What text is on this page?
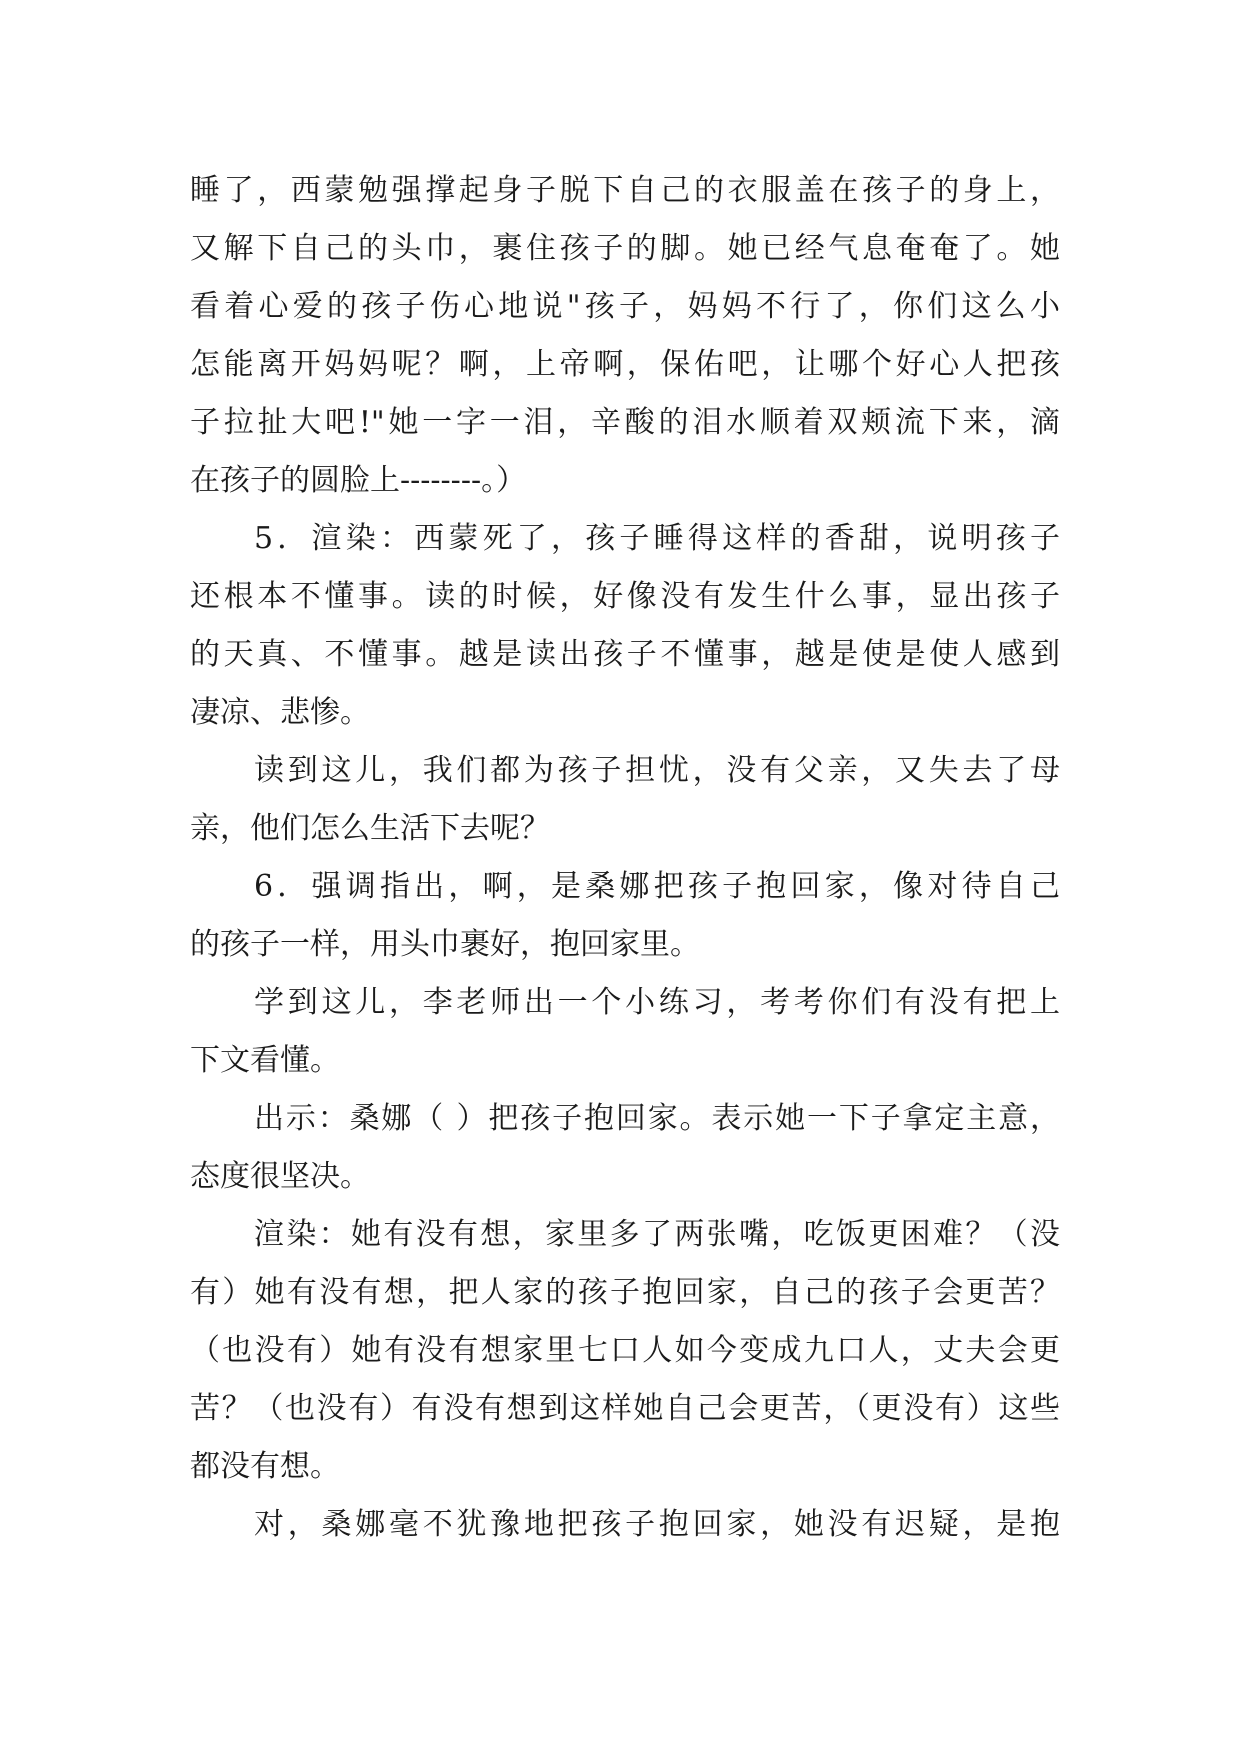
睡了，西蒙勉强撑起身子脱下自己的衣服盖在孩子的身上，
又解下自己的头巾，裹住孩子的脚。她已经气息奄奄了。她
看着心爱的孩子伤心地说"孩子，妈妈不行了，你们这么小
怎能离开妈妈呢？啊，上帝啊，保佑吧，让哪个好心人把孩
子拉扯大吧!"她一字一泪，辛酸的泪水顺着双颊流下来，滴
在孩子的圆脸上--------。）
5．渲染：西蒙死了，孩子睡得这样的香甜，说明孩子
还根本不懂事。读的时候，好像没有发生什么事，显出孩子
的天真、不懂事。越是读出孩子不懂事，越是使是使人感到
凄凉、悲惨。
读到这儿，我们都为孩子担忧，没有父亲，又失去了母
亲，他们怎么生活下去呢？
6．强调指出，啊，是桑娜把孩子抱回家，像对待自己
的孩子一样，用头巾裹好，抱回家里。
学到这儿，李老师出一个小练习，考考你们有没有把上
下文看懂。
出示：桑娜（ ）把孩子抱回家。表示她一下子拿定主意，
态度很坚决。
渲染：她有没有想，家里多了两张嘴，吃饭更困难？（没
有）她有没有想，把人家的孩子抱回家，自己的孩子会更苦？
（也没有）她有没有想家里七口人如今变成九口人，丈夫会更
苦？（也没有）有没有想到这样她自己会更苦，（更没有）这些
都没有想。
对，桑娜毫不犹豫地把孩子抱回家，她没有迟疑，是抱
